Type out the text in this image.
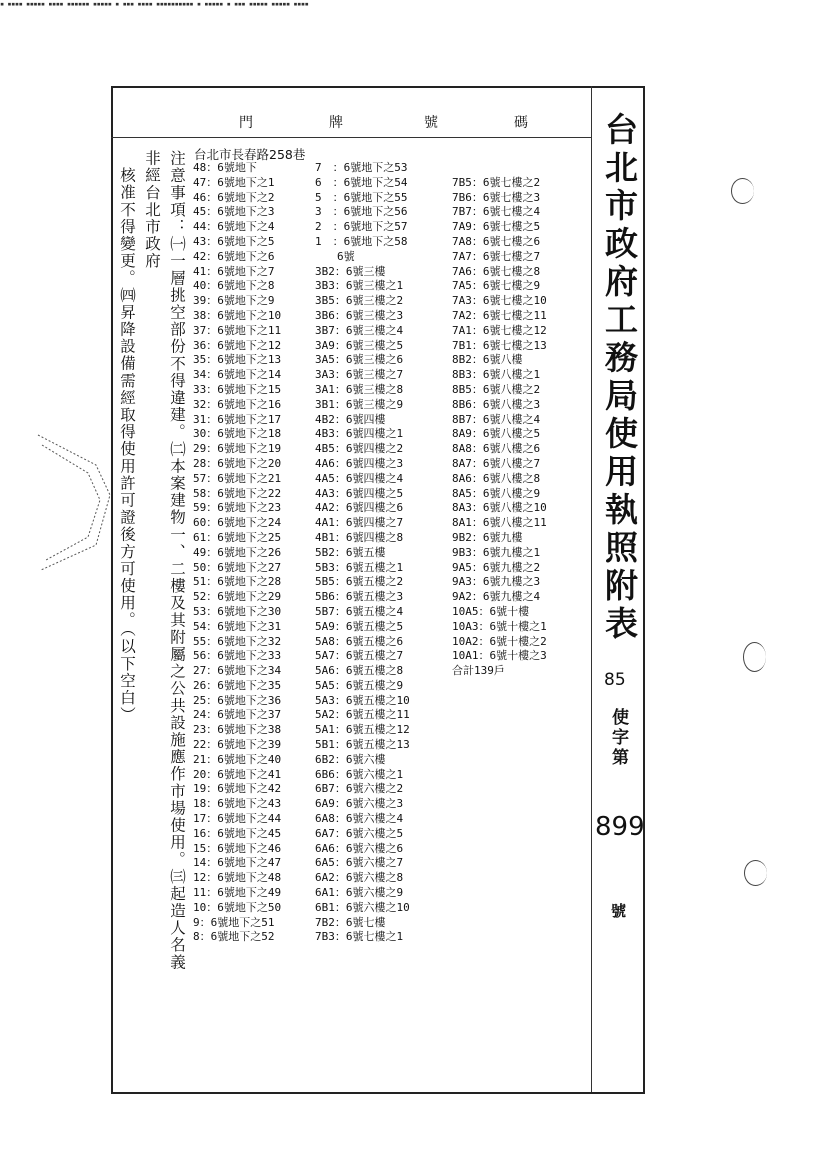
▪ ▪▪▪▪ ▪▪▪▪▪ ▪▪▪▪ ▪▪▪▪▪▪ ▪▪▪▪▪ ▪ ▪▪▪ ▪▪▪▪ ▪▪▪▪▪▪▪▪▪▪ ▪ ▪▪▪▪▪ ▪ ▪▪▪ ▪▪▪▪▪ ▪▪▪▪▪ ▪▪▪▪
門	牌	號	碼 台北市政府工務局使用執照附表
85
使字第
899
號

注意事項：㈠一層挑空部份不得違建。㈡本案建物一、二樓及其附屬之公共設施應作市場使用。㈢起造人名義非經台北市政府

核准不得變更。㈣昇降設備需經取得使用許可證後方可使用。（以下空白）

台北市長春路258巷
48：6號地下
47：6號地下之1
46：6號地下之2
45：6號地下之3
44：6號地下之4
43：6號地下之5
42：6號地下之6
41：6號地下之7
40：6號地下之8
39：6號地下之9
38：6號地下之10
37：6號地下之11
36：6號地下之12
35：6號地下之13
34：6號地下之14
33：6號地下之15
32：6號地下之16
31：6號地下之17
30：6號地下之18
29：6號地下之19
28：6號地下之20
57：6號地下之21
58：6號地下之22
59：6號地下之23
60：6號地下之24
61：6號地下之25
49：6號地下之26
50：6號地下之27
51：6號地下之28
52：6號地下之29
53：6號地下之30
54：6號地下之31
55：6號地下之32
56：6號地下之33
27：6號地下之34
26：6號地下之35
25：6號地下之36
24：6號地下之37
23：6號地下之38
22：6號地下之39
21：6號地下之40
20：6號地下之41
19：6號地下之42
18：6號地下之43
17：6號地下之44
16：6號地下之45
15：6號地下之46
14：6號地下之47
12：6號地下之48
11：6號地下之49
10：6號地下之50
9：6號地下之51
8：6號地下之52
7　：6號地下之53
6　：6號地下之54
5　：6號地下之55
3　：6號地下之56
2　：6號地下之57
1　：6號地下之58
　　6號
3B2：6號三樓
3B3：6號三樓之1
3B5：6號三樓之2
3B6：6號三樓之3
3B7：6號三樓之4
3A9：6號三樓之5
3A5：6號三樓之6
3A3：6號三樓之7
3A1：6號三樓之8
3B1：6號三樓之9
4B2：6號四樓
4B3：6號四樓之1
4B5：6號四樓之2
4A6：6號四樓之3
4A5：6號四樓之4
4A3：6號四樓之5
4A2：6號四樓之6
4A1：6號四樓之7
4B1：6號四樓之8
5B2：6號五樓
5B3：6號五樓之1
5B5：6號五樓之2
5B6：6號五樓之3
5B7：6號五樓之4
5A9：6號五樓之5
5A8：6號五樓之6
5A7：6號五樓之7
5A6：6號五樓之8
5A5：6號五樓之9
5A3：6號五樓之10
5A2：6號五樓之11
5A1：6號五樓之12
5B1：6號五樓之13
6B2：6號六樓
6B6：6號六樓之1
6B7：6號六樓之2
6A9：6號六樓之3
6A8：6號六樓之4
6A7：6號六樓之5
6A6：6號六樓之6
6A5：6號六樓之7
6A2：6號六樓之8
6A1：6號六樓之9
6B1：6號六樓之10
7B2：6號七樓
7B3：6號七樓之1

7B5：6號七樓之2
7B6：6號七樓之3
7B7：6號七樓之4
7A9：6號七樓之5
7A8：6號七樓之6
7A7：6號七樓之7
7A6：6號七樓之8
7A5：6號七樓之9
7A3：6號七樓之10
7A2：6號七樓之11
7A1：6號七樓之12
7B1：6號七樓之13
8B2：6號八樓
8B3：6號八樓之1
8B5：6號八樓之2
8B6：6號八樓之3
8B7：6號八樓之4
8A9：6號八樓之5
8A8：6號八樓之6
8A7：6號八樓之7
8A6：6號八樓之8
8A5：6號八樓之9
8A3：6號八樓之10
8A1：6號八樓之11
9B2：6號九樓
9B3：6號九樓之1
9A5：6號九樓之2
9A3：6號九樓之3
9A2：6號九樓之4
10A5：6號十樓
10A3：6號十樓之1
10A2：6號十樓之2
10A1：6號十樓之3
合計139戶
